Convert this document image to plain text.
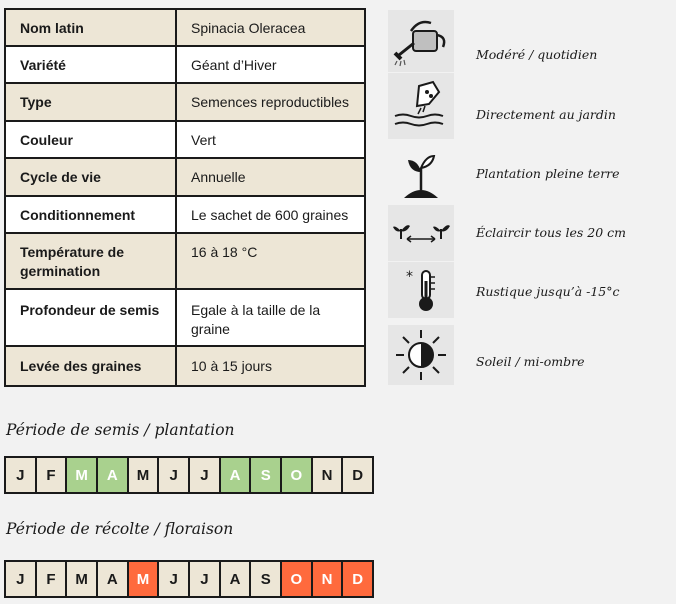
Nom latin	Spinacia Oleracea
Variété	Géant d’Hiver
Type	Semences reproductibles
Couleur	Vert
Cycle de vie	Annuelle
Conditionnement	Le sachet de 600 graines
Température de germination	16 à 18 °C
Profondeur de semis	Egale à la taille de la graine
Levée des graines	10 à 15 jours
Modéré / quotidien
Directement au jardin
Plantation pleine terre
Éclaircir tous les 20 cm
*
Rustique jusqu’à -15°c
Soleil / mi-ombre
Période de semis / plantation
J	F	M	A	M	J	J	A	S	O	N	D
Période de récolte / floraison
J	F	M	A	M	J	J	A	S	O	N	D
